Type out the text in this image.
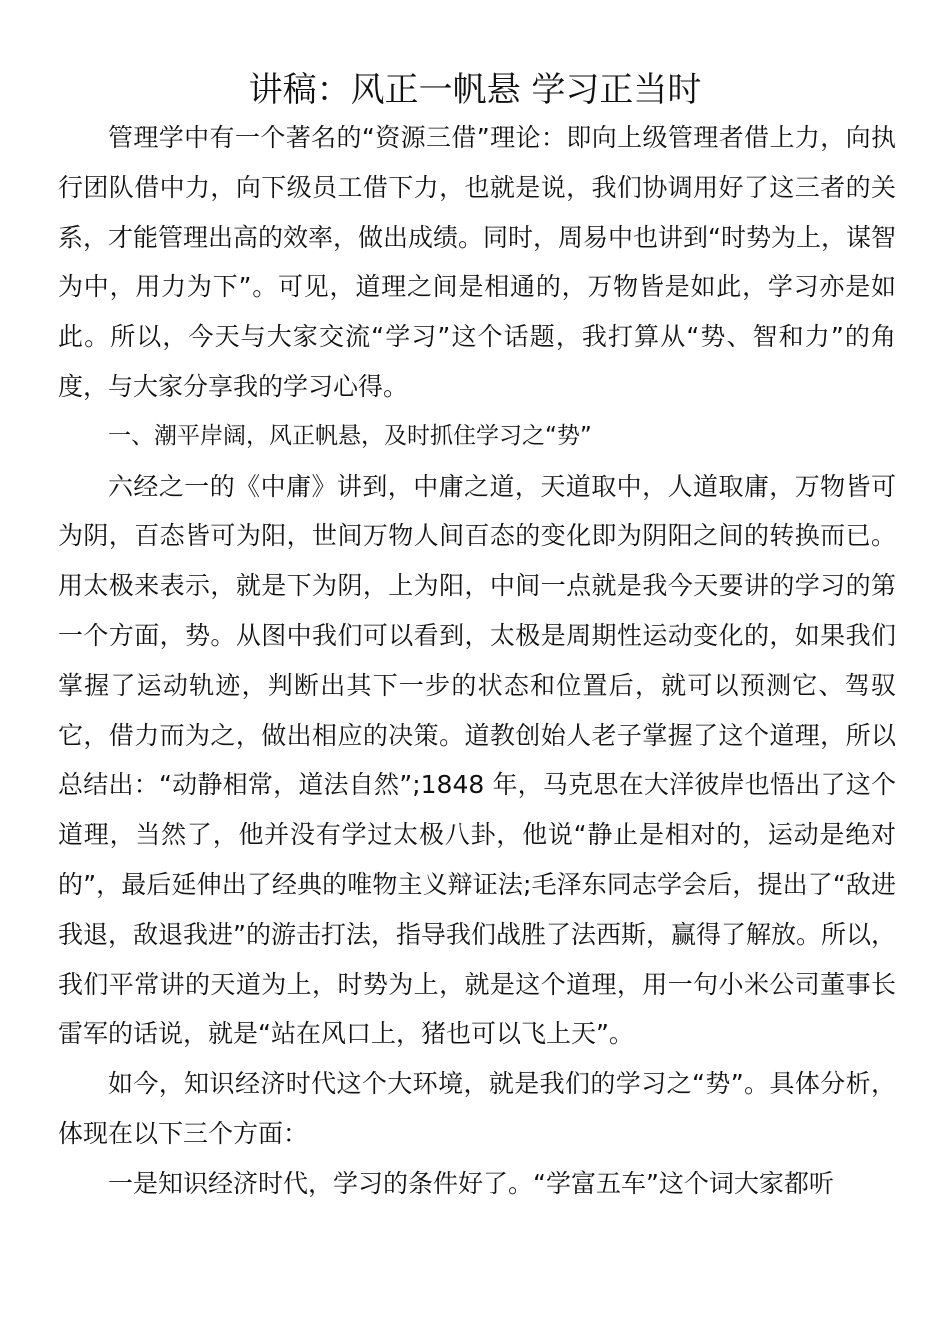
讲稿：风正一帆悬 学习正当时

管理学中有一个著名的“资源三借”理论：即向上级管理者借上力，向执行团队借中力，向下级员工借下力，也就是说，我们协调用好了这三者的关系，才能管理出高的效率，做出成绩。同时，周易中也讲到“时势为上，谋智为中，用力为下”。可见，道理之间是相通的，万物皆是如此，学习亦是如此。所以，今天与大家交流“学习”这个话题，我打算从“势、智和力”的角度，与大家分享我的学习心得。

一、潮平岸阔，风正帆悬，及时抓住学习之“势”

六经之一的《中庸》讲到，中庸之道，天道取中，人道取庸，万物皆可为阴，百态皆可为阳，世间万物人间百态的变化即为阴阳之间的转换而已。用太极来表示，就是下为阴，上为阳，中间一点就是我今天要讲的学习的第一个方面，势。从图中我们可以看到，太极是周期性运动变化的，如果我们掌握了运动轨迹，判断出其下一步的状态和位置后，就可以预测它、驾驭它，借力而为之，做出相应的决策。道教创始人老子掌握了这个道理，所以总结出：“动静相常，道法自然”;1848 年，马克思在大洋彼岸也悟出了这个道理，当然了，他并没有学过太极八卦，他说“静止是相对的，运动是绝对的”，最后延伸出了经典的唯物主义辩证法;毛泽东同志学会后，提出了“敌进我退，敌退我进”的游击打法，指导我们战胜了法西斯，赢得了解放。所以，我们平常讲的天道为上，时势为上，就是这个道理，用一句小米公司董事长雷军的话说，就是“站在风口上，猪也可以飞上天”。

如今，知识经济时代这个大环境，就是我们的学习之“势”。具体分析，体现在以下三个方面：

一是知识经济时代，学习的条件好了。“学富五车”这个词大家都听
